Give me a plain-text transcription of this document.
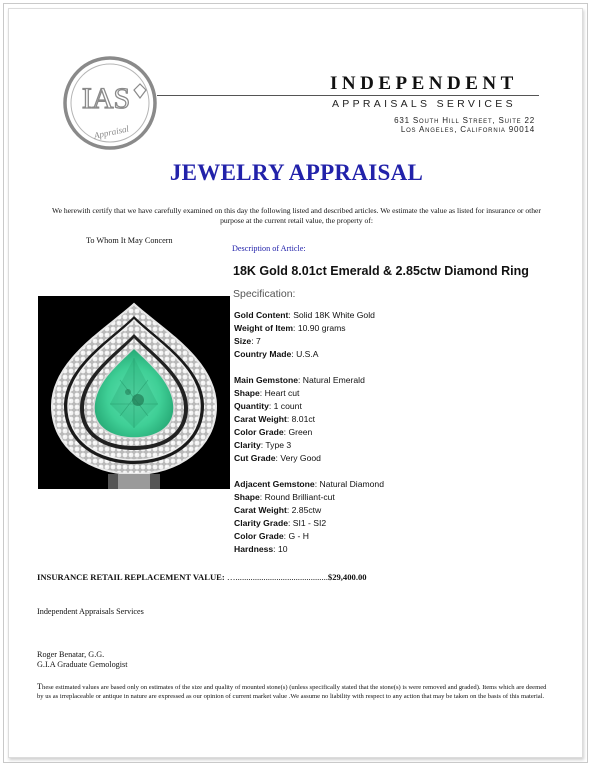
IAS
Appraisal
INDEPENDENT
APPRAISALS SERVICES
631 South Hill Street, Suite 22
Los Angeles, California 90014
JEWELRY APPRAISAL
We herewith certify that we have carefully examined on this day the following listed and described articles. We estimate the value as listed for insurance or other purpose at the current retail value, the property of:
To Whom It May Concern
Description of Article:
18K Gold 8.01ct Emerald & 2.85ctw Diamond Ring
Specification:
Gold Content: Solid 18K White Gold
Weight of Item: 10.90 grams
Size: 7
Country Made: U.S.A
Main Gemstone: Natural Emerald
Shape: Heart cut
Quantity: 1 count
Carat Weight: 8.01ct
Color Grade: Green
Clarity: Type 3
Cut Grade: Very Good
Adjacent Gemstone: Natural Diamond
Shape: Round Brilliant-cut
Carat Weight: 2.85ctw
Clarity Grade: SI1 - SI2
Color Grade: G - H
Hardness: 10
INSURANCE RETAIL REPLACEMENT VALUE: …...........................................$29,400.00
Independent Appraisals Services
Roger Benatar, G.G.
G.I.A Graduate Gemologist
These estimated values are based only on estimates of the size and quality of mounted stone(s) (unless specifically stated that the stone(s) is were removed and graded). Items which are deemed by us as irreplaceable or antique in nature are expressed as our opinion of current market value .We assume no liability with respect to any action that may be taken on the basis of this material.
